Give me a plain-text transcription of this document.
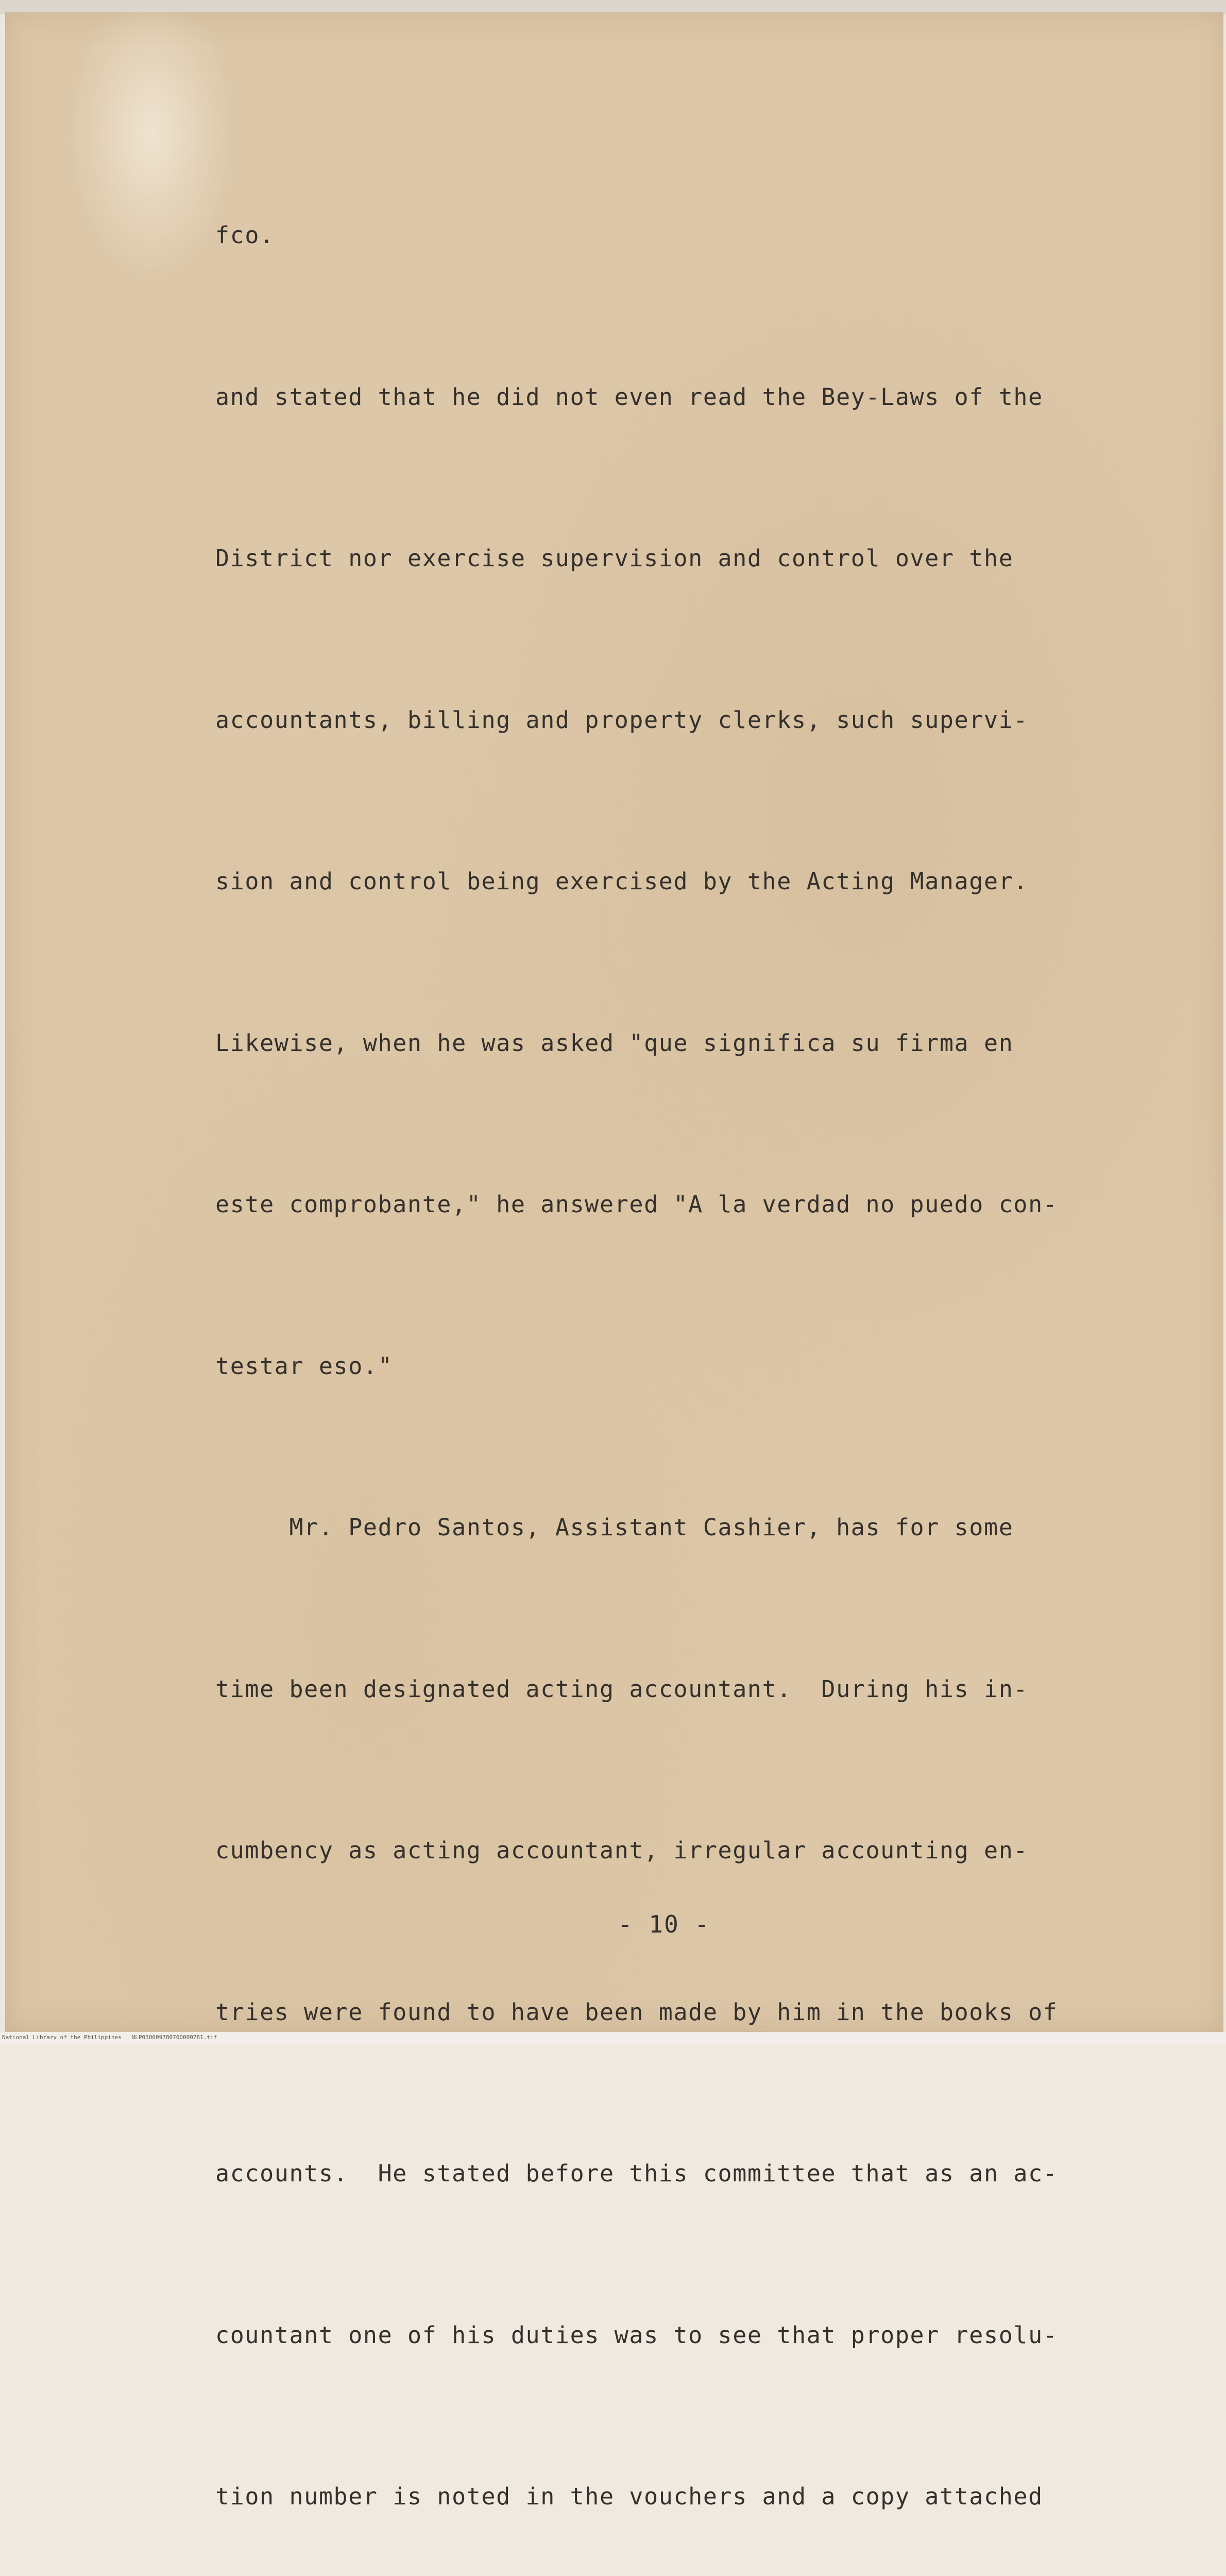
fco.

and stated that he did not even read the Bey-Laws of the

District nor exercise supervision and control over the

accountants, billing and property clerks, such supervi-

sion and control being exercised by the Acting Manager.

Likewise, when he was asked "que significa su firma en

este comprobante," he answered "A la verdad no puedo con-

testar eso."

Mr. Pedro Santos, Assistant Cashier, has for some

time been designated acting accountant.  During his in-

cumbency as acting accountant, irregular accounting en-

tries were found to have been made by him in the books of

accounts.  He stated before this committee that as an ac-

countant one of his duties was to see that proper resolu-

tion number is noted in the vouchers and a copy attached

- 10 -
National Library of the Philippines   NLP030009780700000781.tif
